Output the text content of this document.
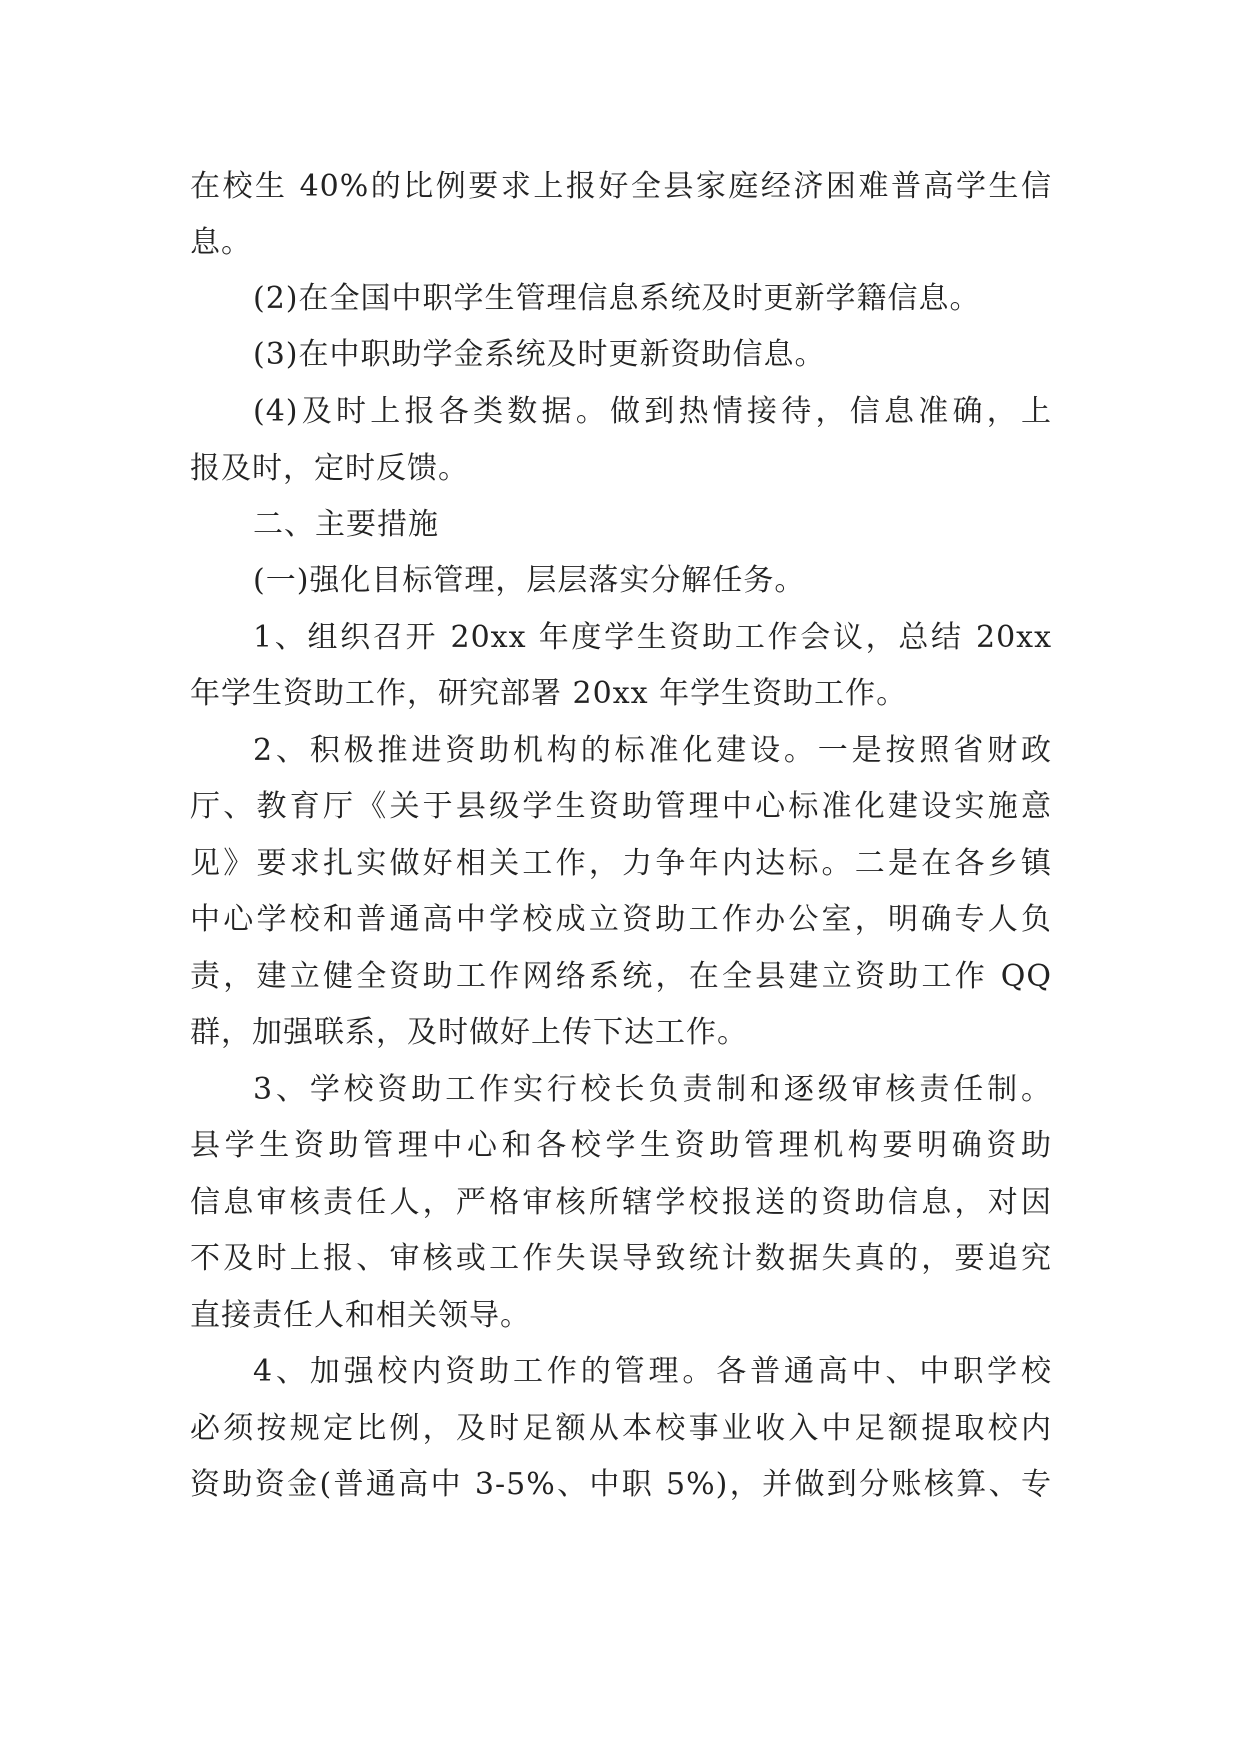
在校生 40%的比例要求上报好全县家庭经济困难普高学生信
息。
(2)在全国中职学生管理信息系统及时更新学籍信息。
(3)在中职助学金系统及时更新资助信息。
(4)及时上报各类数据。做到热情接待，信息准确，上
报及时，定时反馈。
二、主要措施
(一)强化目标管理，层层落实分解任务。
1、组织召开 20xx 年度学生资助工作会议，总结 20xx
年学生资助工作，研究部署 20xx 年学生资助工作。
2、积极推进资助机构的标准化建设。一是按照省财政
厅、教育厅《关于县级学生资助管理中心标准化建设实施意
见》要求扎实做好相关工作，力争年内达标。二是在各乡镇
中心学校和普通高中学校成立资助工作办公室，明确专人负
责，建立健全资助工作网络系统，在全县建立资助工作 QQ
群，加强联系，及时做好上传下达工作。
3、学校资助工作实行校长负责制和逐级审核责任制。
县学生资助管理中心和各校学生资助管理机构要明确资助
信息审核责任人，严格审核所辖学校报送的资助信息，对因
不及时上报、审核或工作失误导致统计数据失真的，要追究
直接责任人和相关领导。
4、加强校内资助工作的管理。各普通高中、中职学校
必须按规定比例，及时足额从本校事业收入中足额提取校内
资助资金(普通高中 3-5%、中职 5%)，并做到分账核算、专
